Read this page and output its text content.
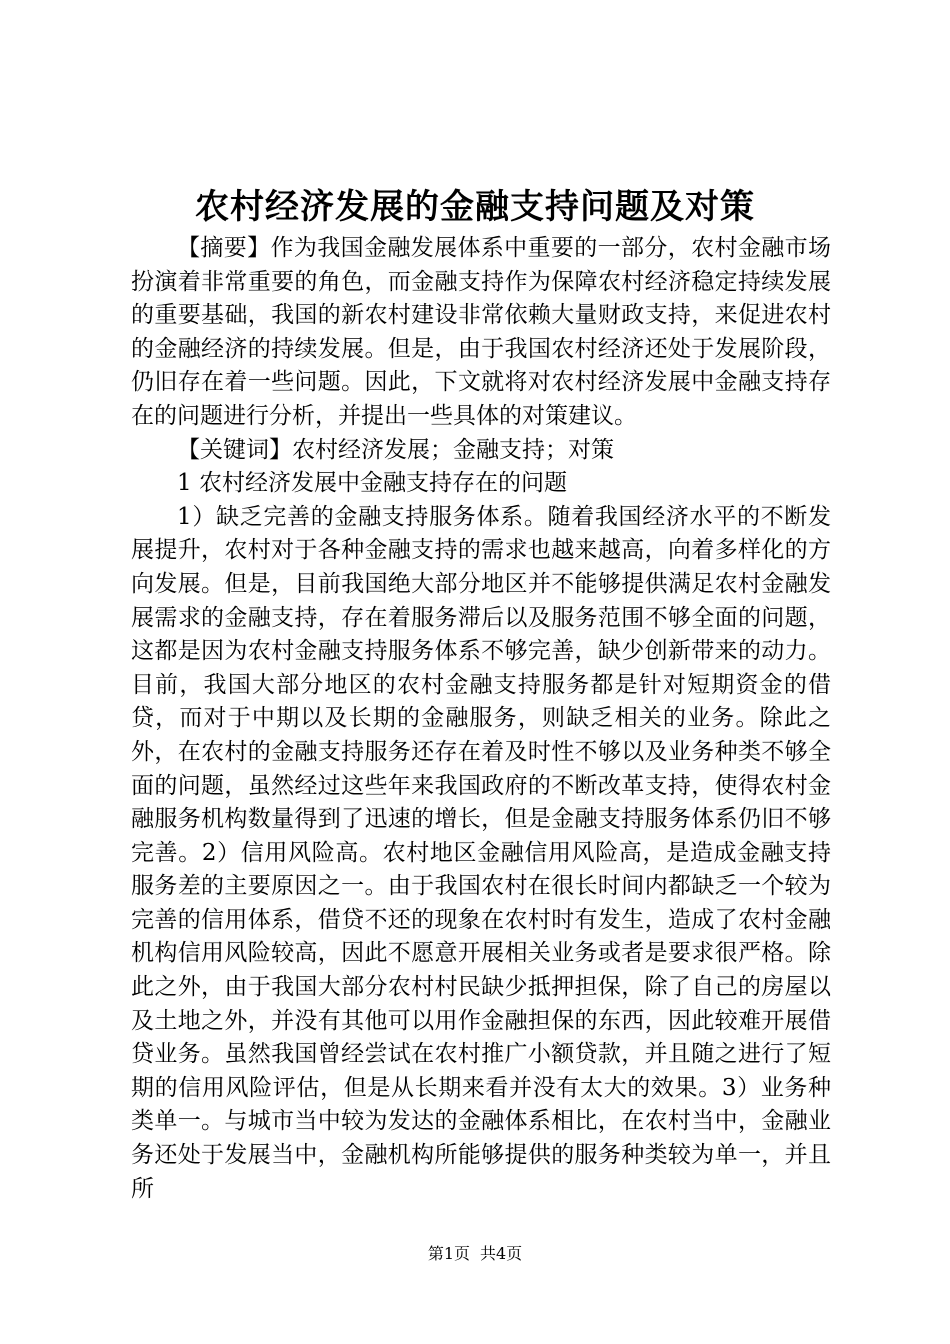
农村经济发展的金融支持问题及对策

【摘要】作为我国金融发展体系中重要的一部分，农村金融市场扮演着非常重要的角色，而金融支持作为保障农村经济稳定持续发展的重要基础，我国的新农村建设非常依赖大量财政支持，来促进农村的金融经济的持续发展。但是，由于我国农村经济还处于发展阶段，仍旧存在着一些问题。因此，下文就将对农村经济发展中金融支持存在的问题进行分析，并提出一些具体的对策建议。

【关键词】农村经济发展；金融支持；对策

1 农村经济发展中金融支持存在的问题

1）缺乏完善的金融支持服务体系。随着我国经济水平的不断发展提升，农村对于各种金融支持的需求也越来越高，向着多样化的方向发展。但是，目前我国绝大部分地区并不能够提供满足农村金融发展需求的金融支持，存在着服务滞后以及服务范围不够全面的问题，这都是因为农村金融支持服务体系不够完善，缺少创新带来的动力。目前，我国大部分地区的农村金融支持服务都是针对短期资金的借贷，而对于中期以及长期的金融服务，则缺乏相关的业务。除此之外，在农村的金融支持服务还存在着及时性不够以及业务种类不够全面的问题，虽然经过这些年来我国政府的不断改革支持，使得农村金融服务机构数量得到了迅速的增长，但是金融支持服务体系仍旧不够完善。2）信用风险高。农村地区金融信用风险高，是造成金融支持服务差的主要原因之一。由于我国农村在很长时间内都缺乏一个较为完善的信用体系，借贷不还的现象在农村时有发生，造成了农村金融机构信用风险较高，因此不愿意开展相关业务或者是要求很严格。除此之外，由于我国大部分农村村民缺少抵押担保，除了自己的房屋以及土地之外，并没有其他可以用作金融担保的东西，因此较难开展借贷业务。虽然我国曾经尝试在农村推广小额贷款，并且随之进行了短期的信用风险评估，但是从长期来看并没有太大的效果。3）业务种类单一。与城市当中较为发达的金融体系相比，在农村当中，金融业务还处于发展当中，金融机构所能够提供的服务种类较为单一，并且所

第1页 共4页
